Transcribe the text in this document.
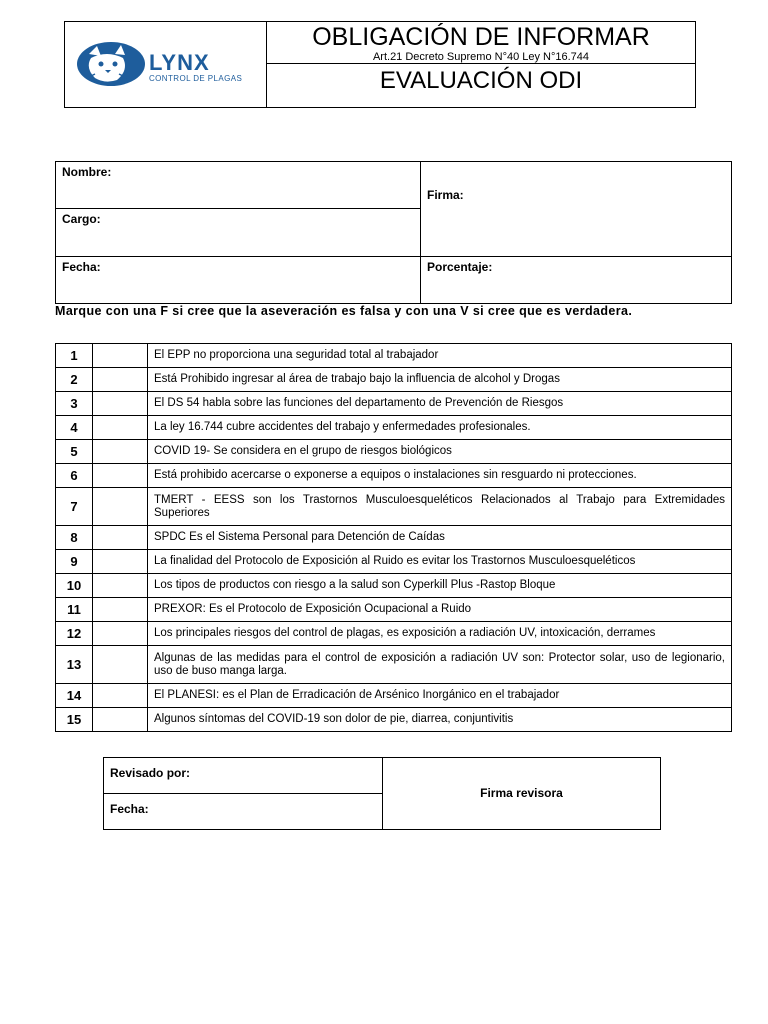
LYNX
CONTROL DE PLAGAS
OBLIGACIÓN DE INFORMAR
Art.21 Decreto Supremo N°40 Ley N°16.744
EVALUACIÓN ODI
Nombre:
Cargo:
Firma:
Fecha:	Porcentaje:
Marque con una F si cree que la aseveración es falsa y con una V si cree que es verdadera.
1		El EPP no proporciona una seguridad total al trabajador
2		Está Prohibido ingresar al área de trabajo bajo la influencia de alcohol y Drogas
3		El DS 54 habla sobre las funciones del departamento de Prevención de Riesgos
4		La ley 16.744 cubre accidentes del trabajo y enfermedades profesionales.
5		COVID 19- Se considera en el grupo de riesgos biológicos
6		Está prohibido acercarse o exponerse a equipos o instalaciones sin resguardo ni protecciones.
7		TMERT - EESS son los Trastornos Musculoesqueléticos Relacionados al Trabajo para Extremidades Superiores
8		SPDC Es el Sistema Personal para Detención de Caídas
9		La finalidad del Protocolo de Exposición al Ruido es evitar los Trastornos Musculoesqueléticos
10		Los tipos de productos con riesgo a la salud son Cyperkill Plus -Rastop Bloque
11		PREXOR: Es el Protocolo de Exposición Ocupacional a Ruido
12		Los principales riesgos del control de plagas, es exposición a radiación UV, intoxicación, derrames
13		Algunas de las medidas para el control de exposición a radiación UV son: Protector solar, uso de legionario, uso de buso manga larga.
14		El PLANESI: es el Plan de Erradicación de Arsénico Inorgánico en el trabajador
15		Algunos síntomas del COVID-19 son dolor de pie, diarrea, conjuntivitis
Revisado por:
Fecha:
Firma revisora
